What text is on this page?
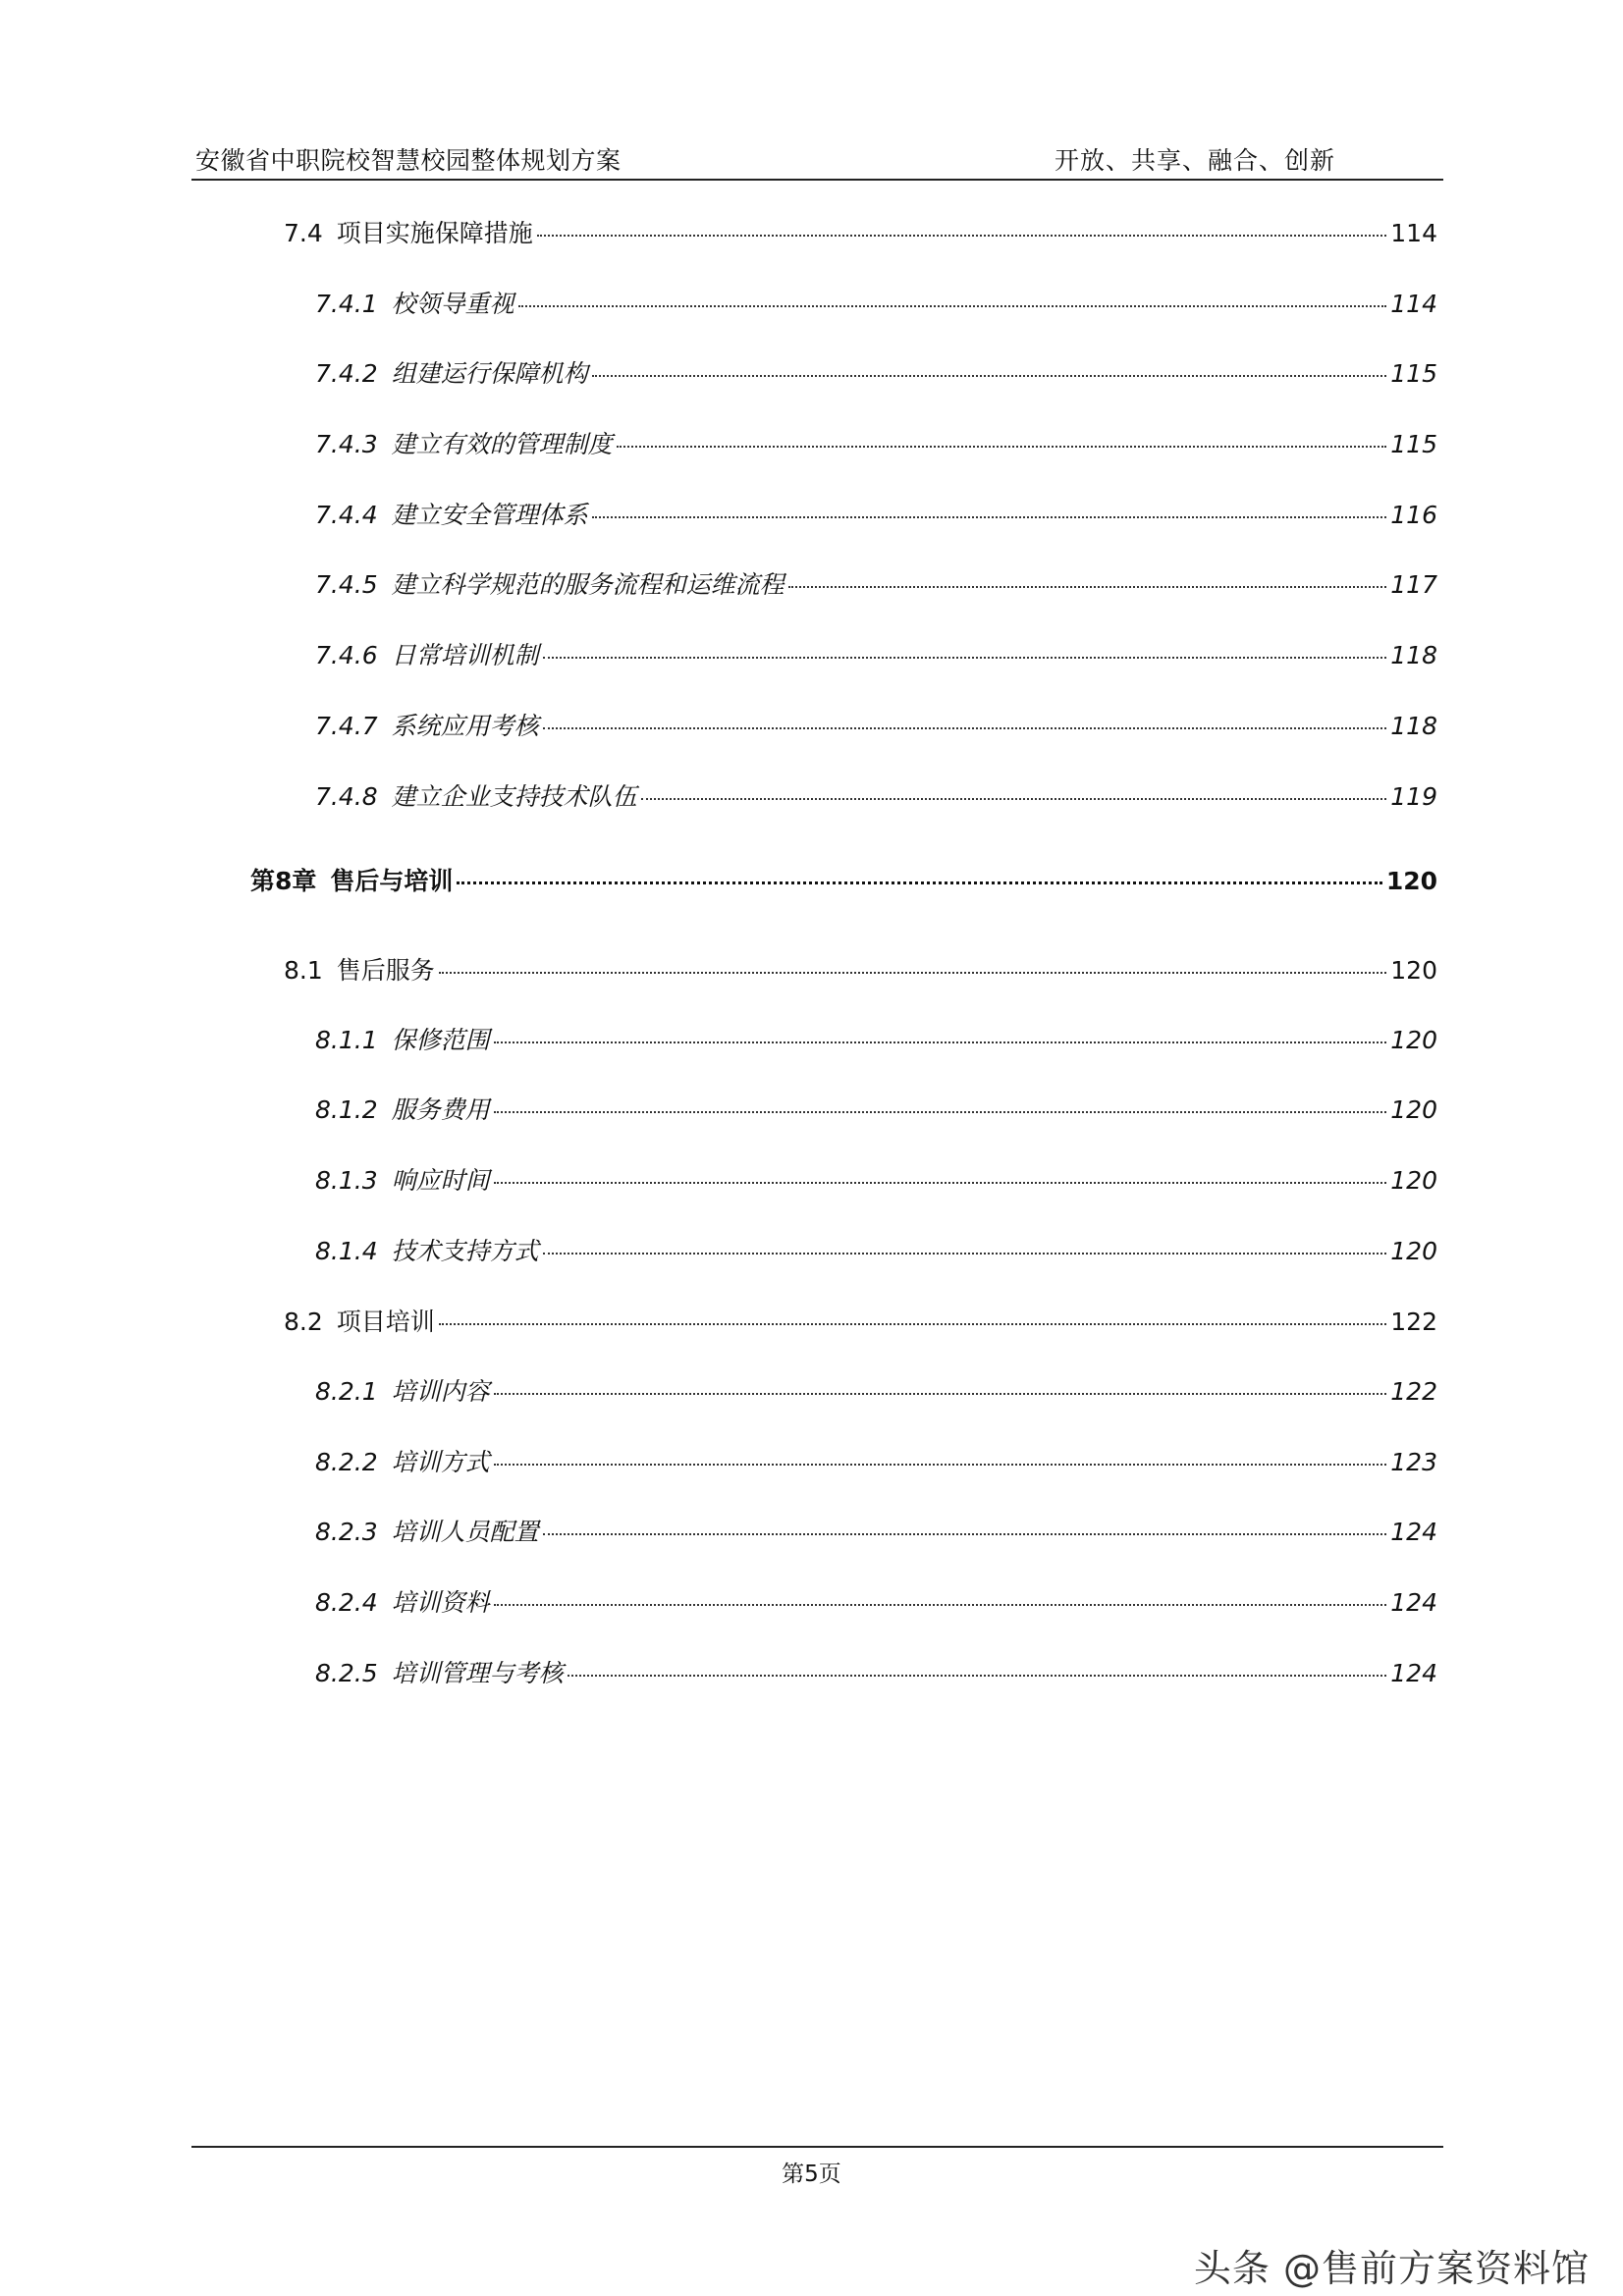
安徽省中职院校智慧校园整体规划方案	开放、共享、融合、创新
7.4 项目实施保障措施	114
7.4.1 校领导重视	114
7.4.2 组建运行保障机构	115
7.4.3 建立有效的管理制度	115
7.4.4 建立安全管理体系	116
7.4.5 建立科学规范的服务流程和运维流程	117
7.4.6 日常培训机制	118
7.4.7 系统应用考核	118
7.4.8 建立企业支持技术队伍	119
第8章 售后与培训	120
8.1 售后服务	120
8.1.1 保修范围	120
8.1.2 服务费用	120
8.1.3 响应时间	120
8.1.4 技术支持方式	120
8.2 项目培训	122
8.2.1 培训内容	122
8.2.2 培训方式	123
8.2.3 培训人员配置	124
8.2.4 培训资料	124
8.2.5 培训管理与考核	124
第5页
头条 @售前方案资料馆
